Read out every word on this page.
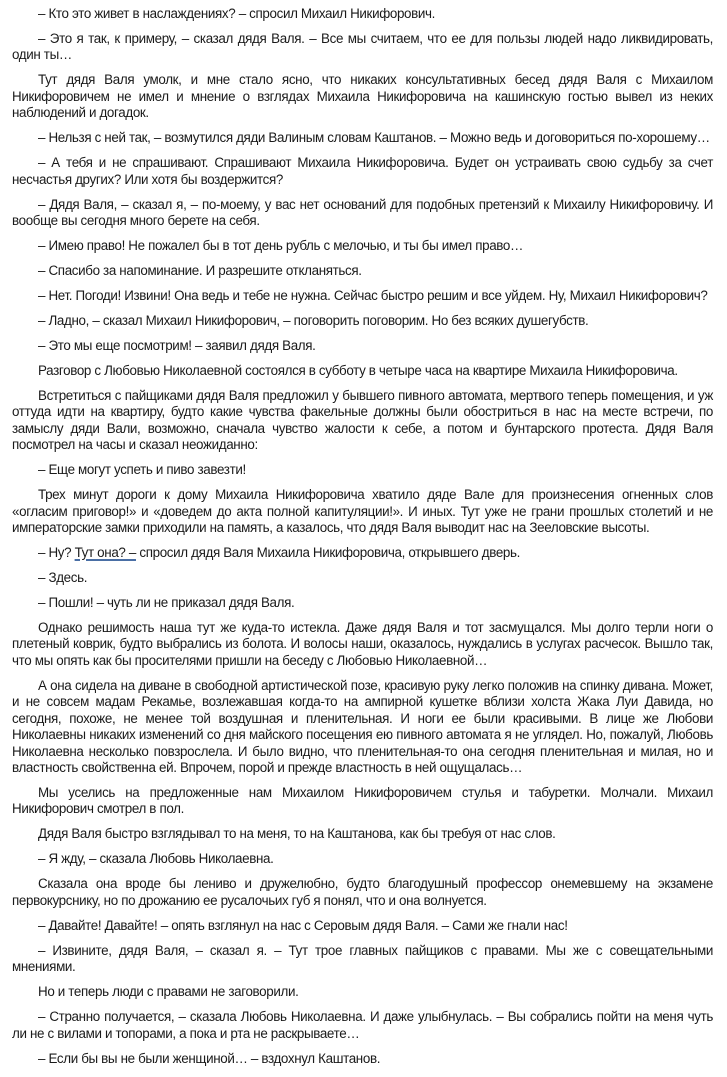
– Кто это живет в наслаждениях? – спросил Михаил Никифорович.

– Это я так, к примеру, – сказал дядя Валя. – Все мы считаем, что ее для пользы людей надо ликвидировать, один ты…

Тут дядя Валя умолк, и мне стало ясно, что никаких консультативных бесед дядя Валя с Михаилом Никифоровичем не имел и мнение о взглядах Михаила Никифоровича на кашинскую гостью вывел из неких наблюдений и догадок.

– Нельзя с ней так, – возмутился дяди Валиным словам Каштанов. – Можно ведь и договориться по-хорошему…

– А тебя и не спрашивают. Спрашивают Михаила Никифоровича. Будет он устраивать свою судьбу за счет несчастья других? Или хотя бы воздержится?

– Дядя Валя, – сказал я, – по-моему, у вас нет оснований для подобных претензий к Михаилу Никифоровичу. И вообще вы сегодня много берете на себя.

– Имею право! Не пожалел бы в тот день рубль с мелочью, и ты бы имел право…

– Спасибо за напоминание. И разрешите откланяться.

– Нет. Погоди! Извини! Она ведь и тебе не нужна. Сейчас быстро решим и все уйдем. Ну, Михаил Никифорович?

– Ладно, – сказал Михаил Никифорович, – поговорить поговорим. Но без всяких душегубств.

– Это мы еще посмотрим! – заявил дядя Валя.

Разговор с Любовью Николаевной состоялся в субботу в четыре часа на квартире Михаила Никифоровича.

Встретиться с пайщиками дядя Валя предложил у бывшего пивного автомата, мертвого теперь помещения, и уж оттуда идти на квартиру, будто какие чувства факельные должны были обостриться в нас на месте встречи, по замыслу дяди Вали, возможно, сначала чувство жалости к себе, а потом и бунтарского протеста. Дядя Валя посмотрел на часы и сказал неожиданно:

– Еще могут успеть и пиво завезти!

Трех минут дороги к дому Михаила Никифоровича хватило дяде Вале для произнесения огненных слов «огласим приговор!» и «доведем до акта полной капитуляции!». И иных. Тут уже не грани прошлых столетий и не императорские замки приходили на память, а казалось, что дядя Валя выводит нас на Зееловские высоты.

– Ну? Тут она? – спросил дядя Валя Михаила Никифоровича, открывшего дверь.

– Здесь.

– Пошли! – чуть ли не приказал дядя Валя.

Однако решимость наша тут же куда-то истекла. Даже дядя Валя и тот засмущался. Мы долго терли ноги о плетеный коврик, будто выбрались из болота. И волосы наши, оказалось, нуждались в услугах расчесок. Вышло так, что мы опять как бы просителями пришли на беседу с Любовью Николаевной…

А она сидела на диване в свободной артистической позе, красивую руку легко положив на спинку дивана. Может, и не совсем мадам Рекамье, возлежавшая когда-то на ампирной кушетке вблизи холста Жака Луи Давида, но сегодня, похоже, не менее той воздушная и пленительная. И ноги ее были красивыми. В лице же Любови Николаевны никаких изменений со дня майского посещения ею пивного автомата я не углядел. Но, пожалуй, Любовь Николаевна несколько повзрослела. И было видно, что пленительная-то она сегодня пленительная и милая, но и властность свойственна ей. Впрочем, порой и прежде властность в ней ощущалась…

Мы уселись на предложенные нам Михаилом Никифоровичем стулья и табуретки. Молчали. Михаил Никифорович смотрел в пол.

Дядя Валя быстро взглядывал то на меня, то на Каштанова, как бы требуя от нас слов.

– Я жду, – сказала Любовь Николаевна.

Сказала она вроде бы лениво и дружелюбно, будто благодушный профессор онемевшему на экзамене первокурснику, но по дрожанию ее русалочьих губ я понял, что и она волнуется.

– Давайте! Давайте! – опять взглянул на нас с Серовым дядя Валя. – Сами же гнали нас!

– Извините, дядя Валя, – сказал я. – Тут трое главных пайщиков с правами. Мы же с совещательными мнениями.

Но и теперь люди с правами не заговорили.

– Странно получается, – сказала Любовь Николаевна. И даже улыбнулась. – Вы собрались пойти на меня чуть ли не с вилами и топорами, а пока и рта не раскрываете…

– Если бы вы не были женщиной… – вздохнул Каштанов.
